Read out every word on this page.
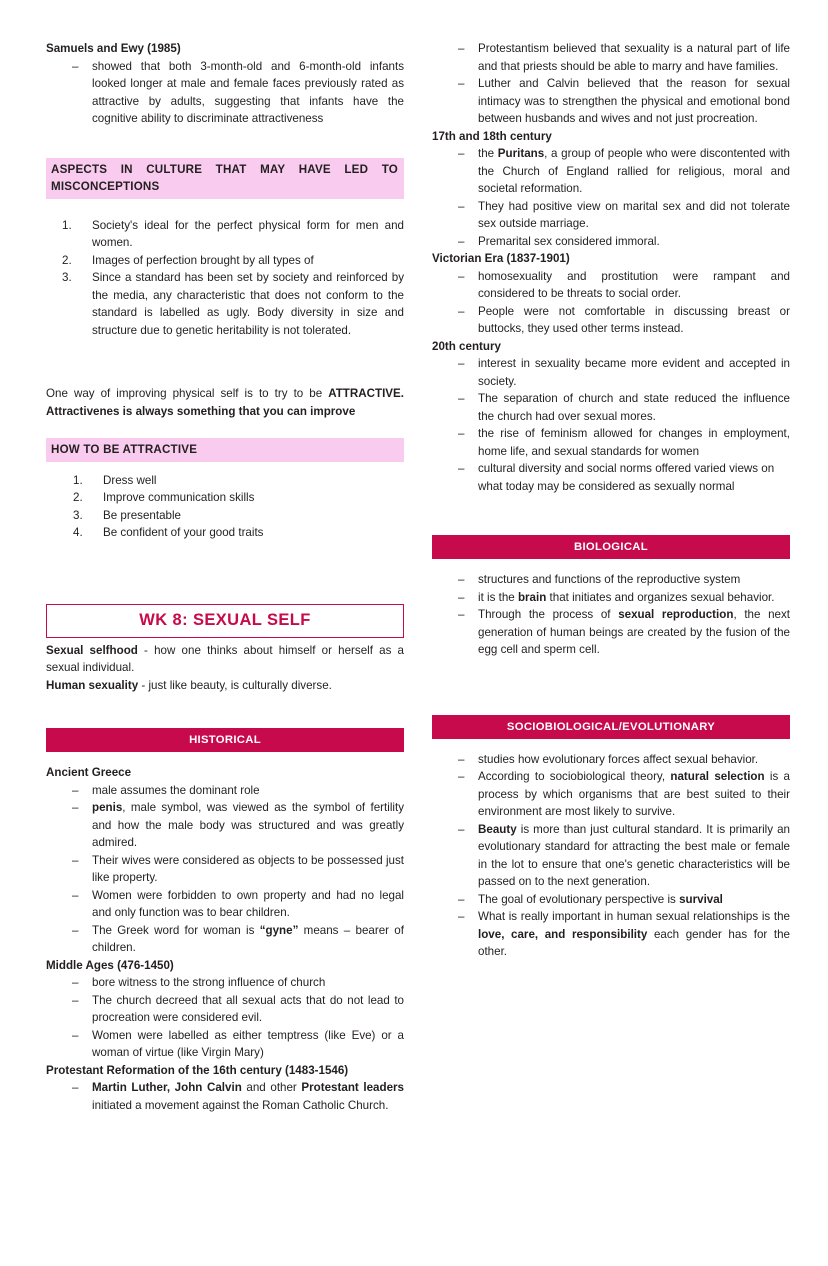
Samuels and Ewy (1985)
– showed that both 3-month-old and 6-month-old infants looked longer at male and female faces previously rated as attractive by adults, suggesting that infants have the cognitive ability to discriminate attractiveness
ASPECTS IN CULTURE THAT MAY HAVE LED TO MISCONCEPTIONS
Society's ideal for the perfect physical form for men and women.
Images of perfection brought by all types of
Since a standard has been set by society and reinforced by the media, any characteristic that does not conform to the standard is labelled as ugly. Body diversity in size and structure due to genetic heritability is not tolerated.

One way of improving physical self is to try to be ATTRACTIVE. Attractivenes is always something that you can improve

HOW TO BE ATTRACTIVE
Dress well
Improve communication skills
Be presentable
Be confident of your good traits
WK 8: SEXUAL SELF

Sexual selfhood - how one thinks about himself or herself as a sexual individual.

Human sexuality - just like beauty, is culturally diverse.

HISTORICAL
Ancient Greece
– male assumes the dominant role
– penis, male symbol, was viewed as the symbol of fertility and how the male body was structured and was greatly admired.
– Their wives were considered as objects to be possessed just like property.
– Women were forbidden to own property and had no legal and only function was to bear children.
– The Greek word for woman is “gyne” means – bearer of children.
Middle Ages (476-1450)
– bore witness to the strong influence of church
– The church decreed that all sexual acts that do not lead to procreation were considered evil.
– Women were labelled as either temptress (like Eve) or a woman of virtue (like Virgin Mary)
Protestant Reformation of the 16th century (1483-1546)
– Martin Luther, John Calvin and other Protestant leaders initiated a movement against the Roman Catholic Church.
– Protestantism believed that sexuality is a natural part of life and that priests should be able to marry and have families.
– Luther and Calvin believed that the reason for sexual intimacy was to strengthen the physical and emotional bond between husbands and wives and not just procreation.
17th and 18th century
– the Puritans, a group of people who were discontented with the Church of England rallied for religious, moral and societal reformation.
– They had positive view on marital sex and did not tolerate sex outside marriage.
– Premarital sex considered immoral.
Victorian Era (1837-1901)
– homosexuality and prostitution were rampant and considered to be threats to social order.
– People were not comfortable in discussing breast or buttocks, they used other terms instead.
20th century
– interest in sexuality became more evident and accepted in society.
– The separation of church and state reduced the influence the church had over sexual mores.
– the rise of feminism allowed for changes in employment, home life, and sexual standards for women
– cultural diversity and social norms offered varied views on what today may be considered as sexually normal
BIOLOGICAL
– structures and functions of the reproductive system
– it is the brain that initiates and organizes sexual behavior.
– Through the process of sexual reproduction, the next generation of human beings are created by the fusion of the egg cell and sperm cell.
SOCIOBIOLOGICAL/EVOLUTIONARY
– studies how evolutionary forces affect sexual behavior.
– According to sociobiological theory, natural selection is a process by which organisms that are best suited to their environment are most likely to survive.
– Beauty is more than just cultural standard. It is primarily an evolutionary standard for attracting the best male or female in the lot to ensure that one's genetic characteristics will be passed on to the next generation.
– The goal of evolutionary perspective is survival
– What is really important in human sexual relationships is the love, care, and responsibility each gender has for the other.
